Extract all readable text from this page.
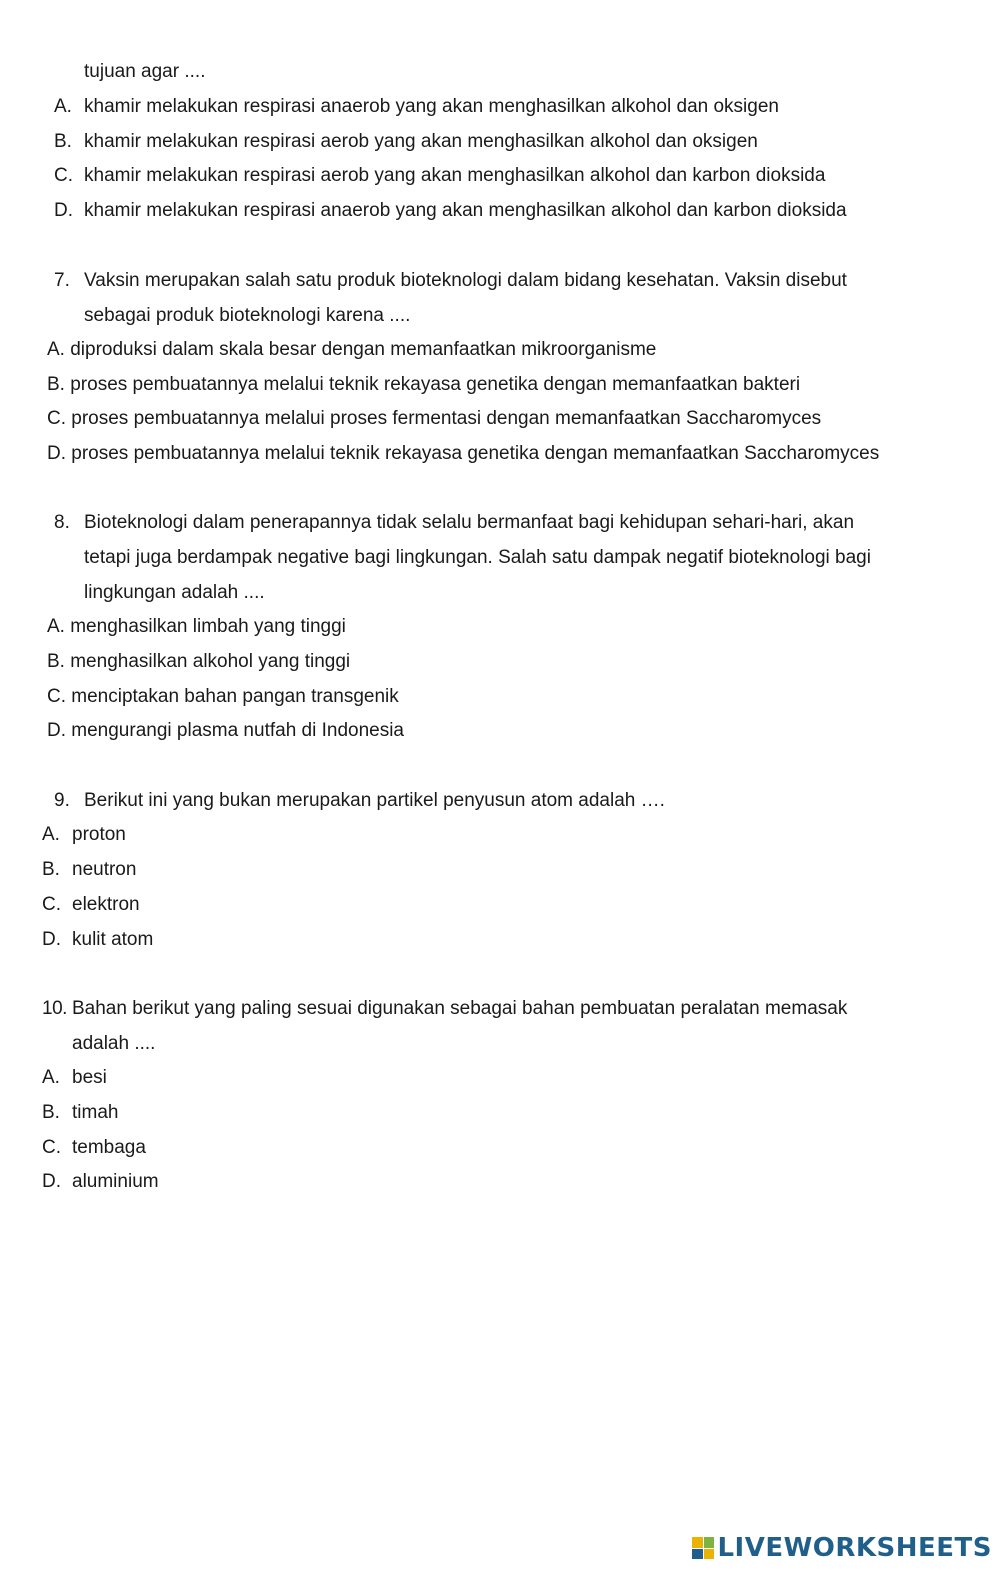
tujuan agar ....
A. khamir melakukan respirasi anaerob yang akan menghasilkan alkohol dan oksigen
B. khamir melakukan respirasi aerob yang akan menghasilkan alkohol dan oksigen
C. khamir melakukan respirasi aerob yang akan menghasilkan alkohol dan karbon dioksida
D. khamir melakukan respirasi anaerob yang akan menghasilkan alkohol dan karbon dioksida
7. Vaksin merupakan salah satu produk bioteknologi dalam bidang kesehatan. Vaksin disebut
sebagai produk bioteknologi karena ....
A. diproduksi dalam skala besar dengan memanfaatkan mikroorganisme
B. proses pembuatannya melalui teknik rekayasa genetika dengan memanfaatkan bakteri
C. proses pembuatannya melalui proses fermentasi dengan memanfaatkan Saccharomyces
D. proses pembuatannya melalui teknik rekayasa genetika dengan memanfaatkan Saccharomyces
8. Bioteknologi dalam penerapannya tidak selalu bermanfaat bagi kehidupan sehari-hari, akan
tetapi juga berdampak negative bagi lingkungan. Salah satu dampak negatif bioteknologi bagi
lingkungan adalah ....
A. menghasilkan limbah yang tinggi
B. menghasilkan alkohol yang tinggi
C. menciptakan bahan pangan transgenik
D. mengurangi plasma nutfah di Indonesia
9. Berikut ini yang bukan merupakan partikel penyusun atom adalah ….
A. proton
B. neutron
C. elektron
D. kulit atom
10. Bahan berikut yang paling sesuai digunakan sebagai bahan pembuatan peralatan memasak
adalah ....
A. besi
B. timah
C. tembaga
D. aluminium
LIVEWORKSHEETS
